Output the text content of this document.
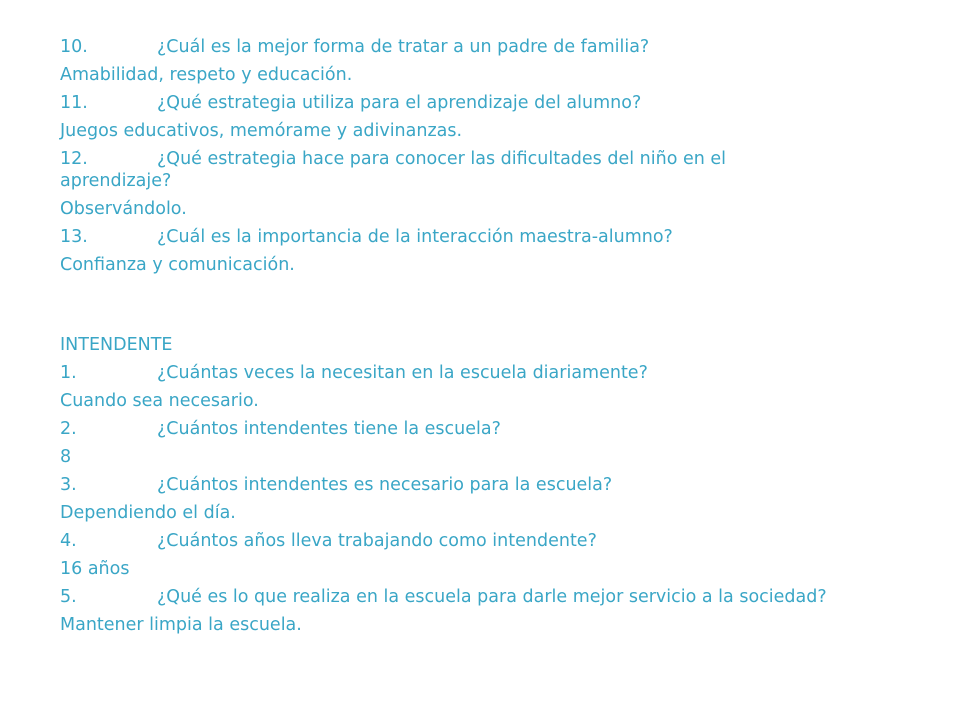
10.	¿Cuál es la mejor forma de tratar a un padre de familia?
Amabilidad, respeto y educación.
11.	¿Qué estrategia utiliza para el aprendizaje del alumno?
Juegos educativos, memórame y adivinanzas.
12.	¿Qué estrategia hace para conocer las dificultades del niño en el
aprendizaje?
Observándolo.
13.	¿Cuál es la importancia de la interacción maestra-alumno?
Confianza y comunicación.
INTENDENTE
1.	¿Cuántas veces la necesitan en la escuela diariamente?
Cuando sea necesario.
2.	¿Cuántos intendentes tiene la escuela?
8
3.	¿Cuántos intendentes es necesario para la escuela?
Dependiendo el día.
4.	¿Cuántos años lleva trabajando como intendente?
16 años
5.	¿Qué es lo que realiza en la escuela para darle mejor servicio a la sociedad?
Mantener limpia la escuela.
